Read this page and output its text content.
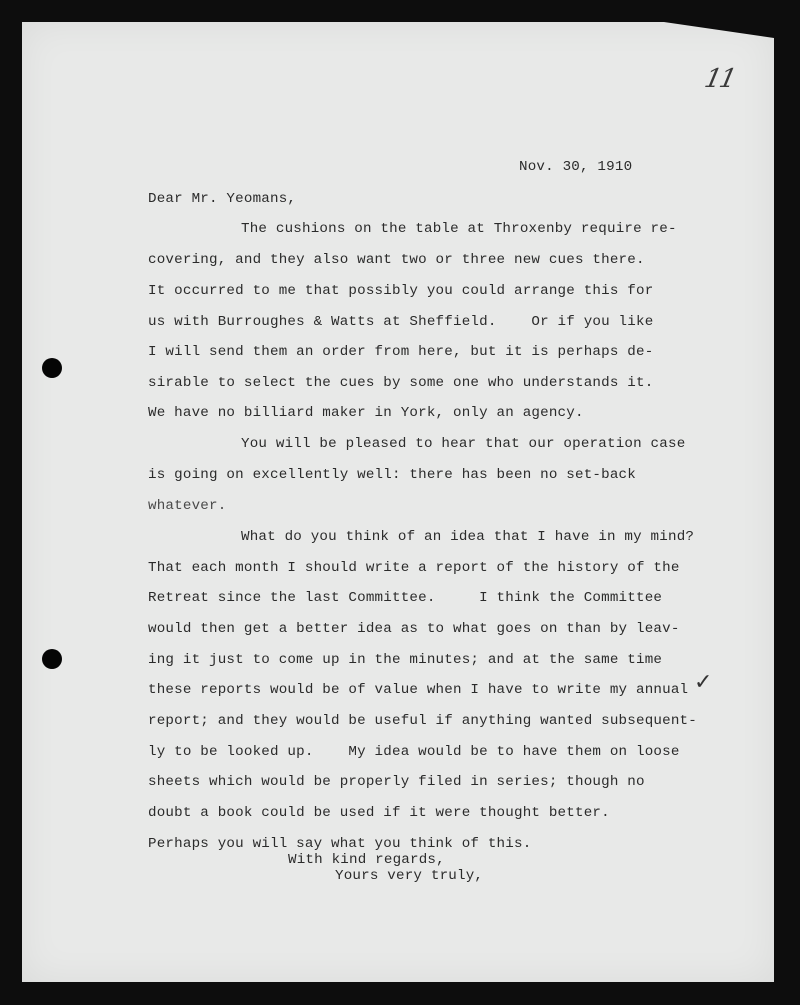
11
Nov. 30, 1910
Dear Mr. Yeomans,
The cushions on the table at Throxenby require re-
covering, and they also want two or three new cues there.
It occurred to me that possibly you could arrange this for
us with Burroughes & Watts at Sheffield.    Or if you like
I will send them an order from here, but it is perhaps de-
sirable to select the cues by some one who understands it.
We have no billiard maker in York, only an agency.
You will be pleased to hear that our operation case
is going on excellently well: there has been no set-back
whatever.
What do you think of an idea that I have in my mind?
That each month I should write a report of the history of the
Retreat since the last Committee.     I think the Committee
would then get a better idea as to what goes on than by leav-
ing it just to come up in the minutes; and at the same time
✓
these reports would be of value when I have to write my annual
report; and they would be useful if anything wanted subsequent-
ly to be looked up.    My idea would be to have them on loose
sheets which would be properly filed in series; though no
doubt a book could be used if it were thought better.
Perhaps you will say what you think of this.
With kind regards,
Yours very truly,
